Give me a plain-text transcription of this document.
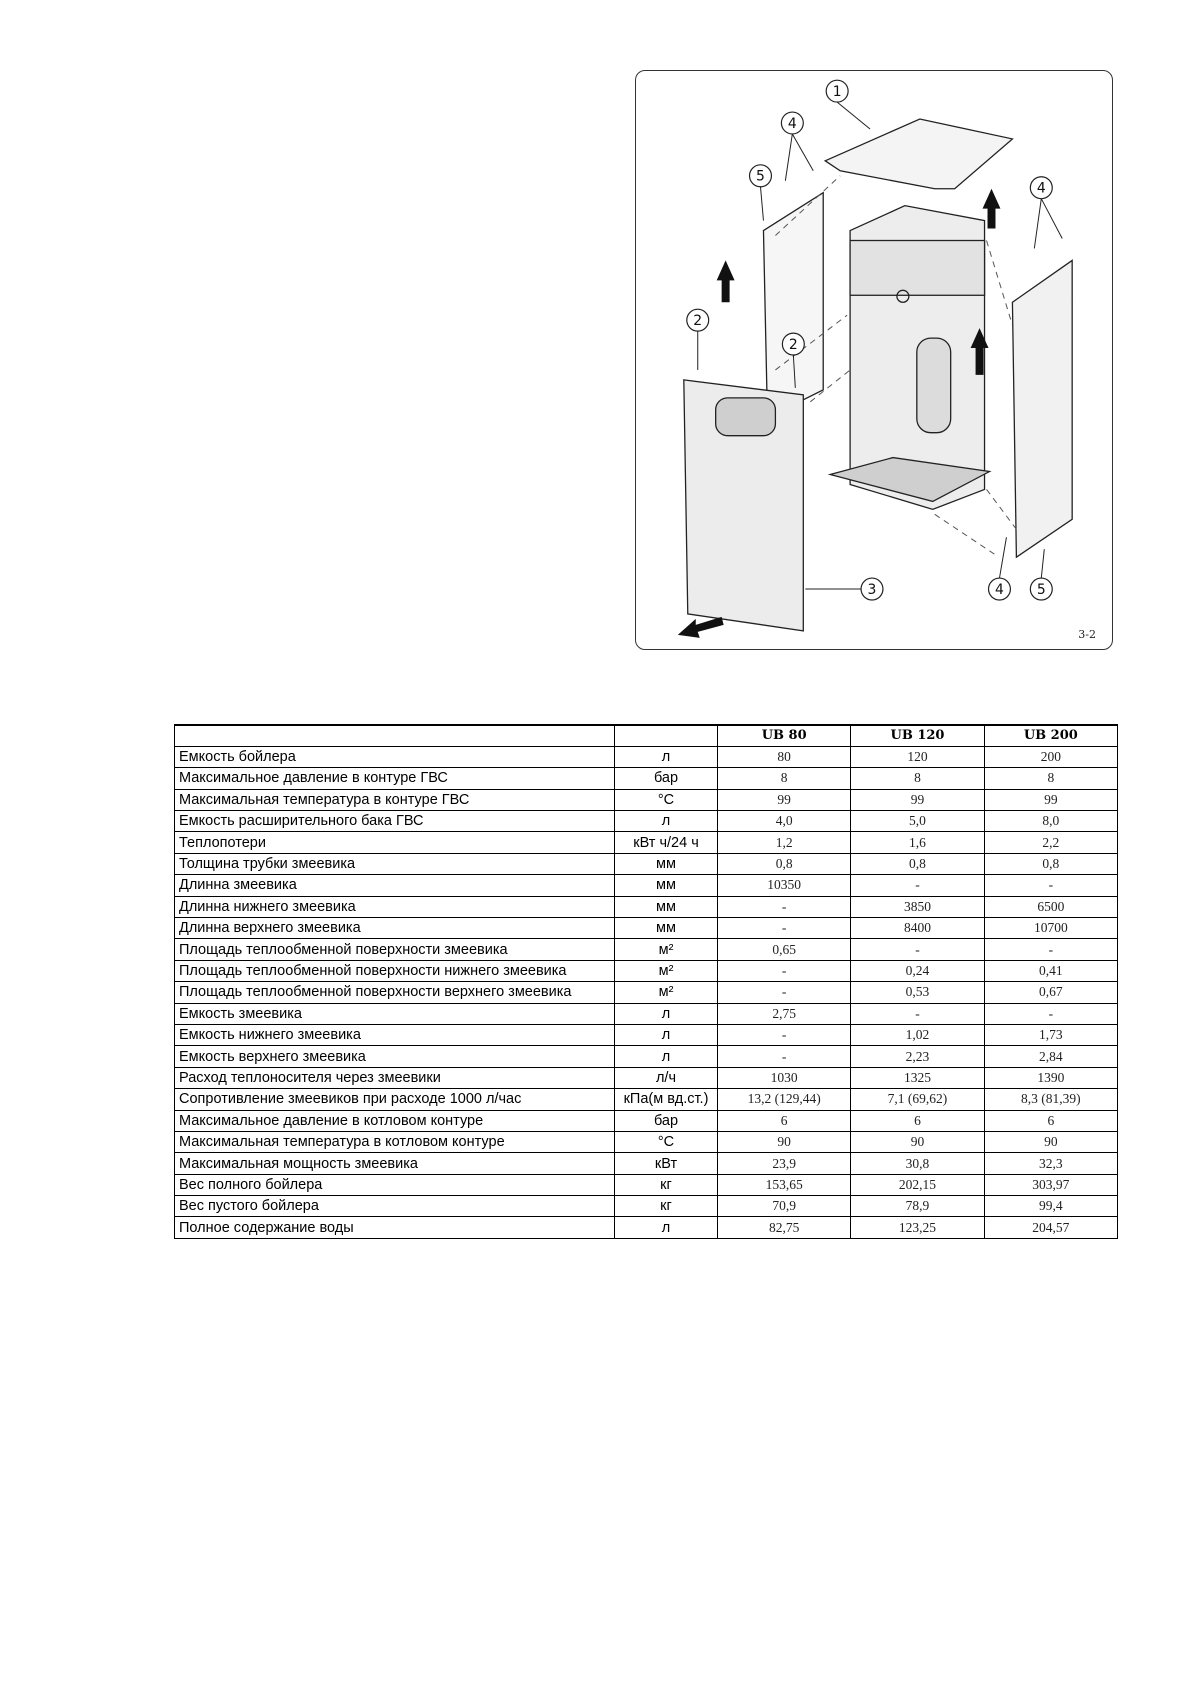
1
4
5
4
2
2
3	4 5
3-2
		UB 80	UB 120	UB 200
Емкость бойлера	л	80	120	200
Максимальное давление в контуре ГВС	бар	8	8	8
Максимальная температура в контуре ГВС	°C	99	99	99
Емкость расширительного бака ГВС	л	4,0	5,0	8,0
Теплопотери	кВт ч/24 ч	1,2	1,6	2,2
Толщина трубки змеевика	мм	0,8	0,8	0,8
Длинна змеевика	мм	10350	-	-
Длинна нижнего змеевика	мм	-	3850	6500
Длинна верхнего змеевика	мм	-	8400	10700
Площадь теплообменной поверхности змеевика	м²	0,65	-	-
Площадь теплообменной поверхности нижнего змеевика	м²	-	0,24	0,41
Площадь теплообменной поверхности верхнего змеевика	м²	-	0,53	0,67
Емкость змеевика	л	2,75	-	-
Емкость нижнего змеевика	л	-	1,02	1,73
Емкость верхнего змеевика	л	-	2,23	2,84
Расход теплоносителя через змеевики	л/ч	1030	1325	1390
Сопротивление змеевиков при расходе 1000 л/час	кПа(м вд.ст.)	13,2 (129,44)	7,1 (69,62)	8,3 (81,39)
Максимальное давление в котловом контуре	бар	6	6	6
Максимальная температура в котловом контуре	°C	90	90	90
Максимальная мощность змеевика	кВт	23,9	30,8	32,3
Вес полного бойлера	кг	153,65	202,15	303,97
Вес пустого бойлера	кг	70,9	78,9	99,4
Полное содержание воды	л	82,75	123,25	204,57
